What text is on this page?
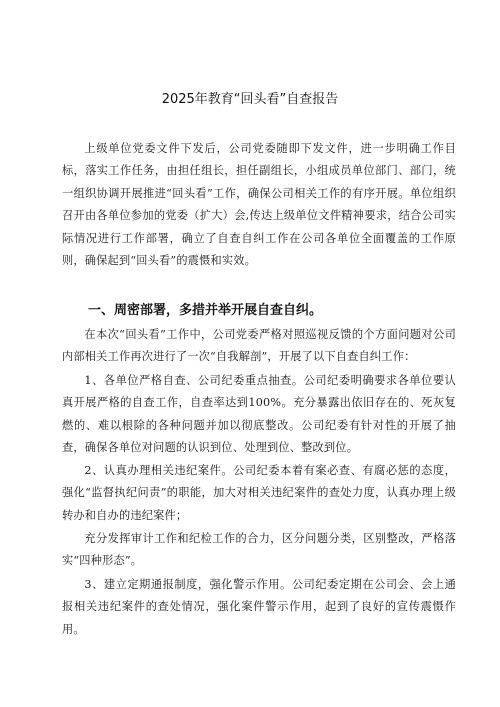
2025年教育“回头看”自查报告

上级单位党委文件下发后，公司党委随即下发文件，进一步明确工作目标，落实工作任务，由担任组长，担任副组长，小组成员单位部门、部门，统一组织协调开展推进“回头看”工作，确保公司相关工作的有序开展。单位组织召开由各单位参加的党委（扩大）会,传达上级单位文件精神要求，结合公司实际情况进行工作部署，确立了自查自纠工作在公司各单位全面覆盖的工作原则，确保起到“回头看”的震慑和实效。

一、周密部署，多措并举开展自查自纠。

在本次“回头看”工作中，公司党委严格对照巡视反馈的个方面问题对公司内部相关工作再次进行了一次“自我解剖”，开展了以下自查自纠工作：

1、各单位严格自查、公司纪委重点抽查。公司纪委明确要求各单位要认真开展严格的自查工作，自查率达到100%。充分暴露出依旧存在的、死灰复燃的、难以根除的各种问题并加以彻底整改。公司纪委有针对性的开展了抽查，确保各单位对问题的认识到位、处理到位、整改到位。

2、认真办理相关违纪案件。公司纪委本着有案必查、有腐必惩的态度，强化“监督执纪问责”的职能，加大对相关违纪案件的查处力度，认真办理上级转办和自办的违纪案件；

充分发挥审计工作和纪检工作的合力，区分问题分类，区别整改，严格落实“四种形态”。

3、建立定期通报制度，强化警示作用。公司纪委定期在公司会、会上通报相关违纪案件的查处情况，强化案件警示作用，起到了良好的宣传震慑作用。
